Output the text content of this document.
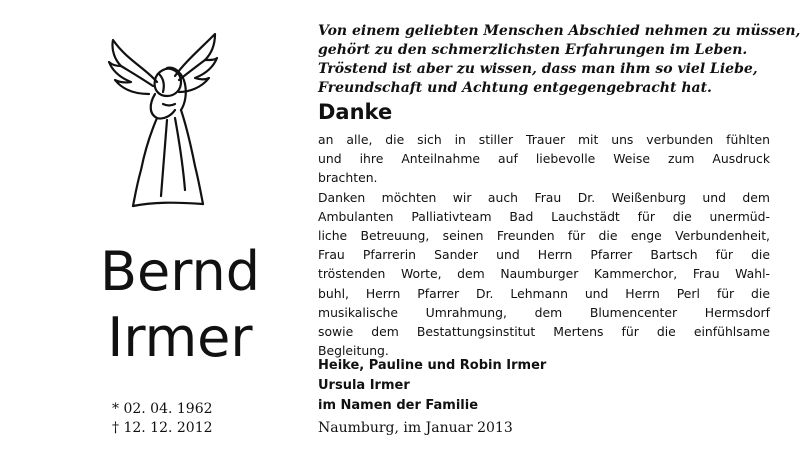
Bernd
Irmer
* 02. 04. 1962
† 12. 12. 2012
Von einem geliebten Menschen Abschied nehmen zu müssen,
gehört zu den schmerzlichsten Erfahrungen im Leben.
Tröstend ist aber zu wissen, dass man ihm so viel Liebe,
Freundschaft und Achtung entgegengebracht hat.
Danke
an alle, die sich in stiller Trauer mit uns verbunden fühlten
und ihre Anteilnahme auf liebevolle Weise zum Ausdruck
brachten.
Danken möchten wir auch Frau Dr. Weißenburg und dem
Ambulanten Palliativteam Bad Lauchstädt für die unermüd-
liche Betreuung, seinen Freunden für die enge Verbundenheit,
Frau Pfarrerin Sander und Herrn Pfarrer Bartsch für die
tröstenden Worte, dem Naumburger Kammerchor, Frau Wahl-
buhl, Herrn Pfarrer Dr. Lehmann und Herrn Perl für die
musikalische Umrahmung, dem Blumencenter Hermsdorf
sowie dem Bestattungsinstitut Mertens für die einfühlsame
Begleitung.
Heike, Pauline und Robin Irmer
Ursula Irmer
im Namen der Familie
Naumburg, im Januar 2013
